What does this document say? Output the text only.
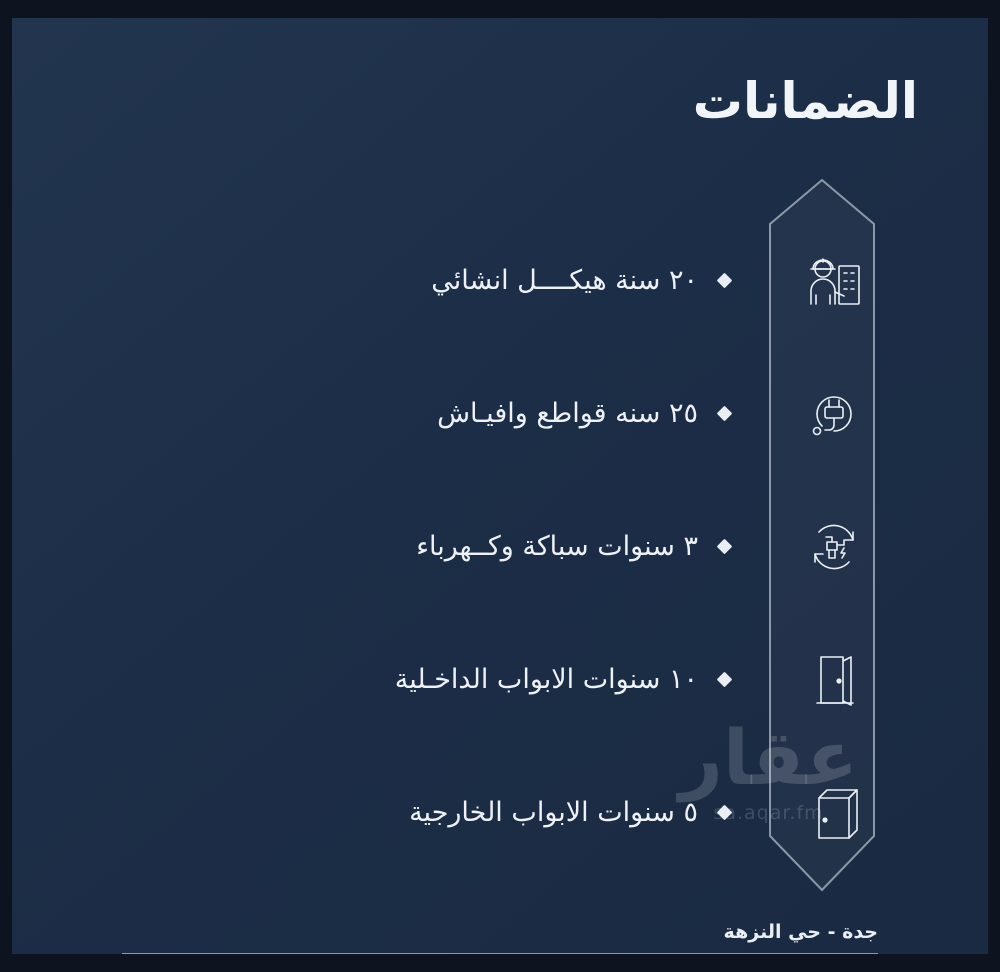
الضمانات
٢٠ سنة هيكــــل انشائي
٢٥ سنه قواطع وافيـاش
٣ سنوات سباكة وكــهرباء
١٠ سنوات الابواب الداخـلية
٥ سنوات الابواب الخارجية
عقار
sa.aqar.fm
جدة - حي النزهة
